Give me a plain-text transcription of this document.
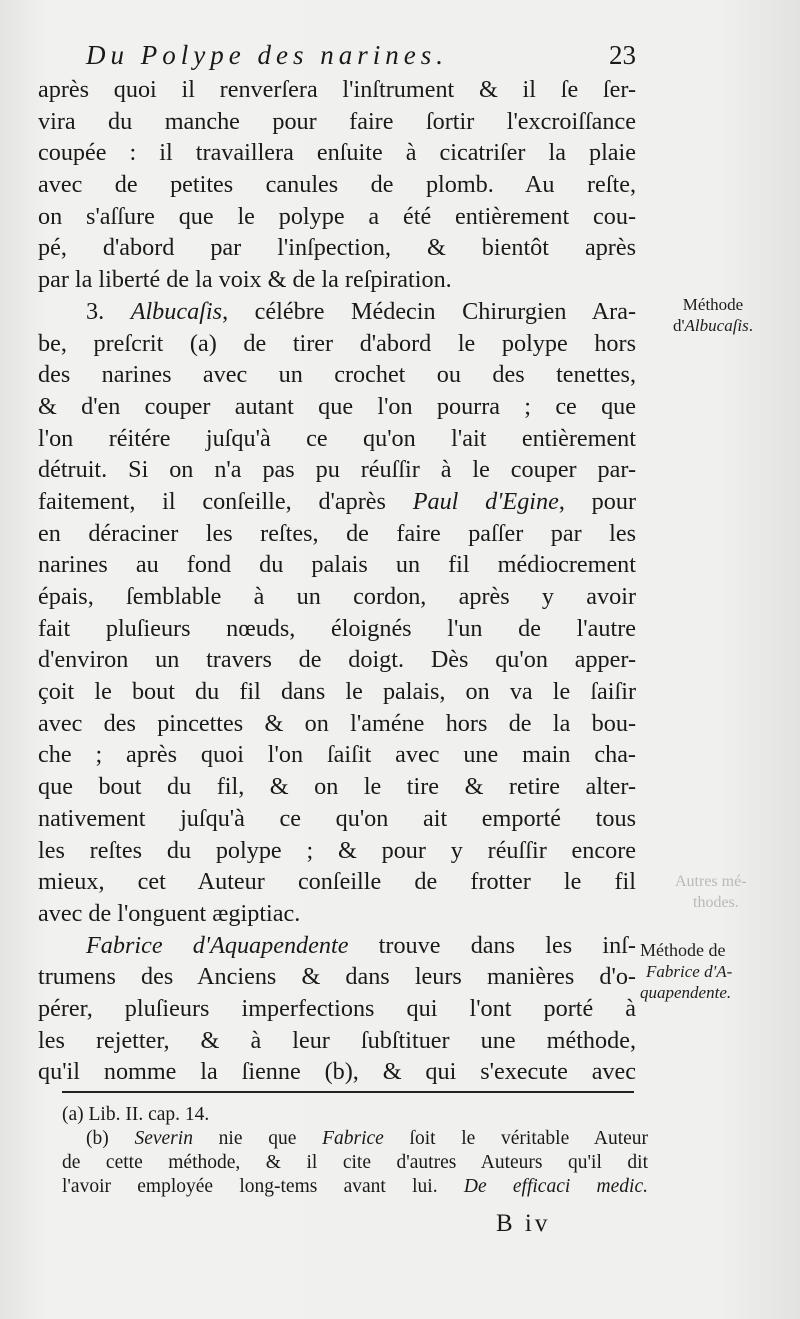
Du Polype des narines.	23
après quoi il renverſera l'inſtrument & il ſe ſer-
vira du manche pour faire ſortir l'excroiſſance
coupée : il travaillera enſuite à cicatriſer la plaie
avec de petites canules de plomb. Au reſte,
on s'aſſure que le polype a été entièrement cou-
pé, d'abord par l'inſpection, & bientôt après
par la liberté de la voix & de la reſpiration.
3. Albucaſis, célébre Médecin Chirurgien Ara-
be, preſcrit (a) de tirer d'abord le polype hors
des narines avec un crochet ou des tenettes,
& d'en couper autant que l'on pourra ; ce que
l'on réitére juſqu'à ce qu'on l'ait entièrement
détruit. Si on n'a pas pu réuſſir à le couper par-
faitement, il conſeille, d'après Paul d'Egine, pour
en déraciner les reſtes, de faire paſſer par les
narines au fond du palais un fil médiocrement
épais, ſemblable à un cordon, après y avoir
fait pluſieurs nœuds, éloignés l'un de l'autre
d'environ un travers de doigt. Dès qu'on apper-
çoit le bout du fil dans le palais, on va le ſaiſir
avec des pincettes & on l'améne hors de la bou-
che ; après quoi l'on ſaiſit avec une main cha-
que bout du fil, & on le tire & retire alter-
nativement juſqu'à ce qu'on ait emporté tous
les reſtes du polype ; & pour y réuſſir encore
mieux, cet Auteur conſeille de frotter le fil
avec de l'onguent ægiptiac.
Fabrice d'Aquapendente trouve dans les inſ-
trumens des Anciens & dans leurs manières d'o-
pérer, pluſieurs imperfections qui l'ont porté à
les rejetter, & à leur ſubſtituer une méthode,
qu'il nomme la ſienne (b), & qui s'execute avec
(a) Lib. II. cap. 14.
(b) Severin nie que Fabrice ſoit le véritable Auteur
de cette méthode, & il cite d'autres Auteurs qu'il dit
l'avoir employée long-tems avant lui. De efficaci medic.
B iv
Méthode
d'Albucaſis.
Méthode de
Fabrice d'A-
quapendente.
Autres mé-
thodes.
